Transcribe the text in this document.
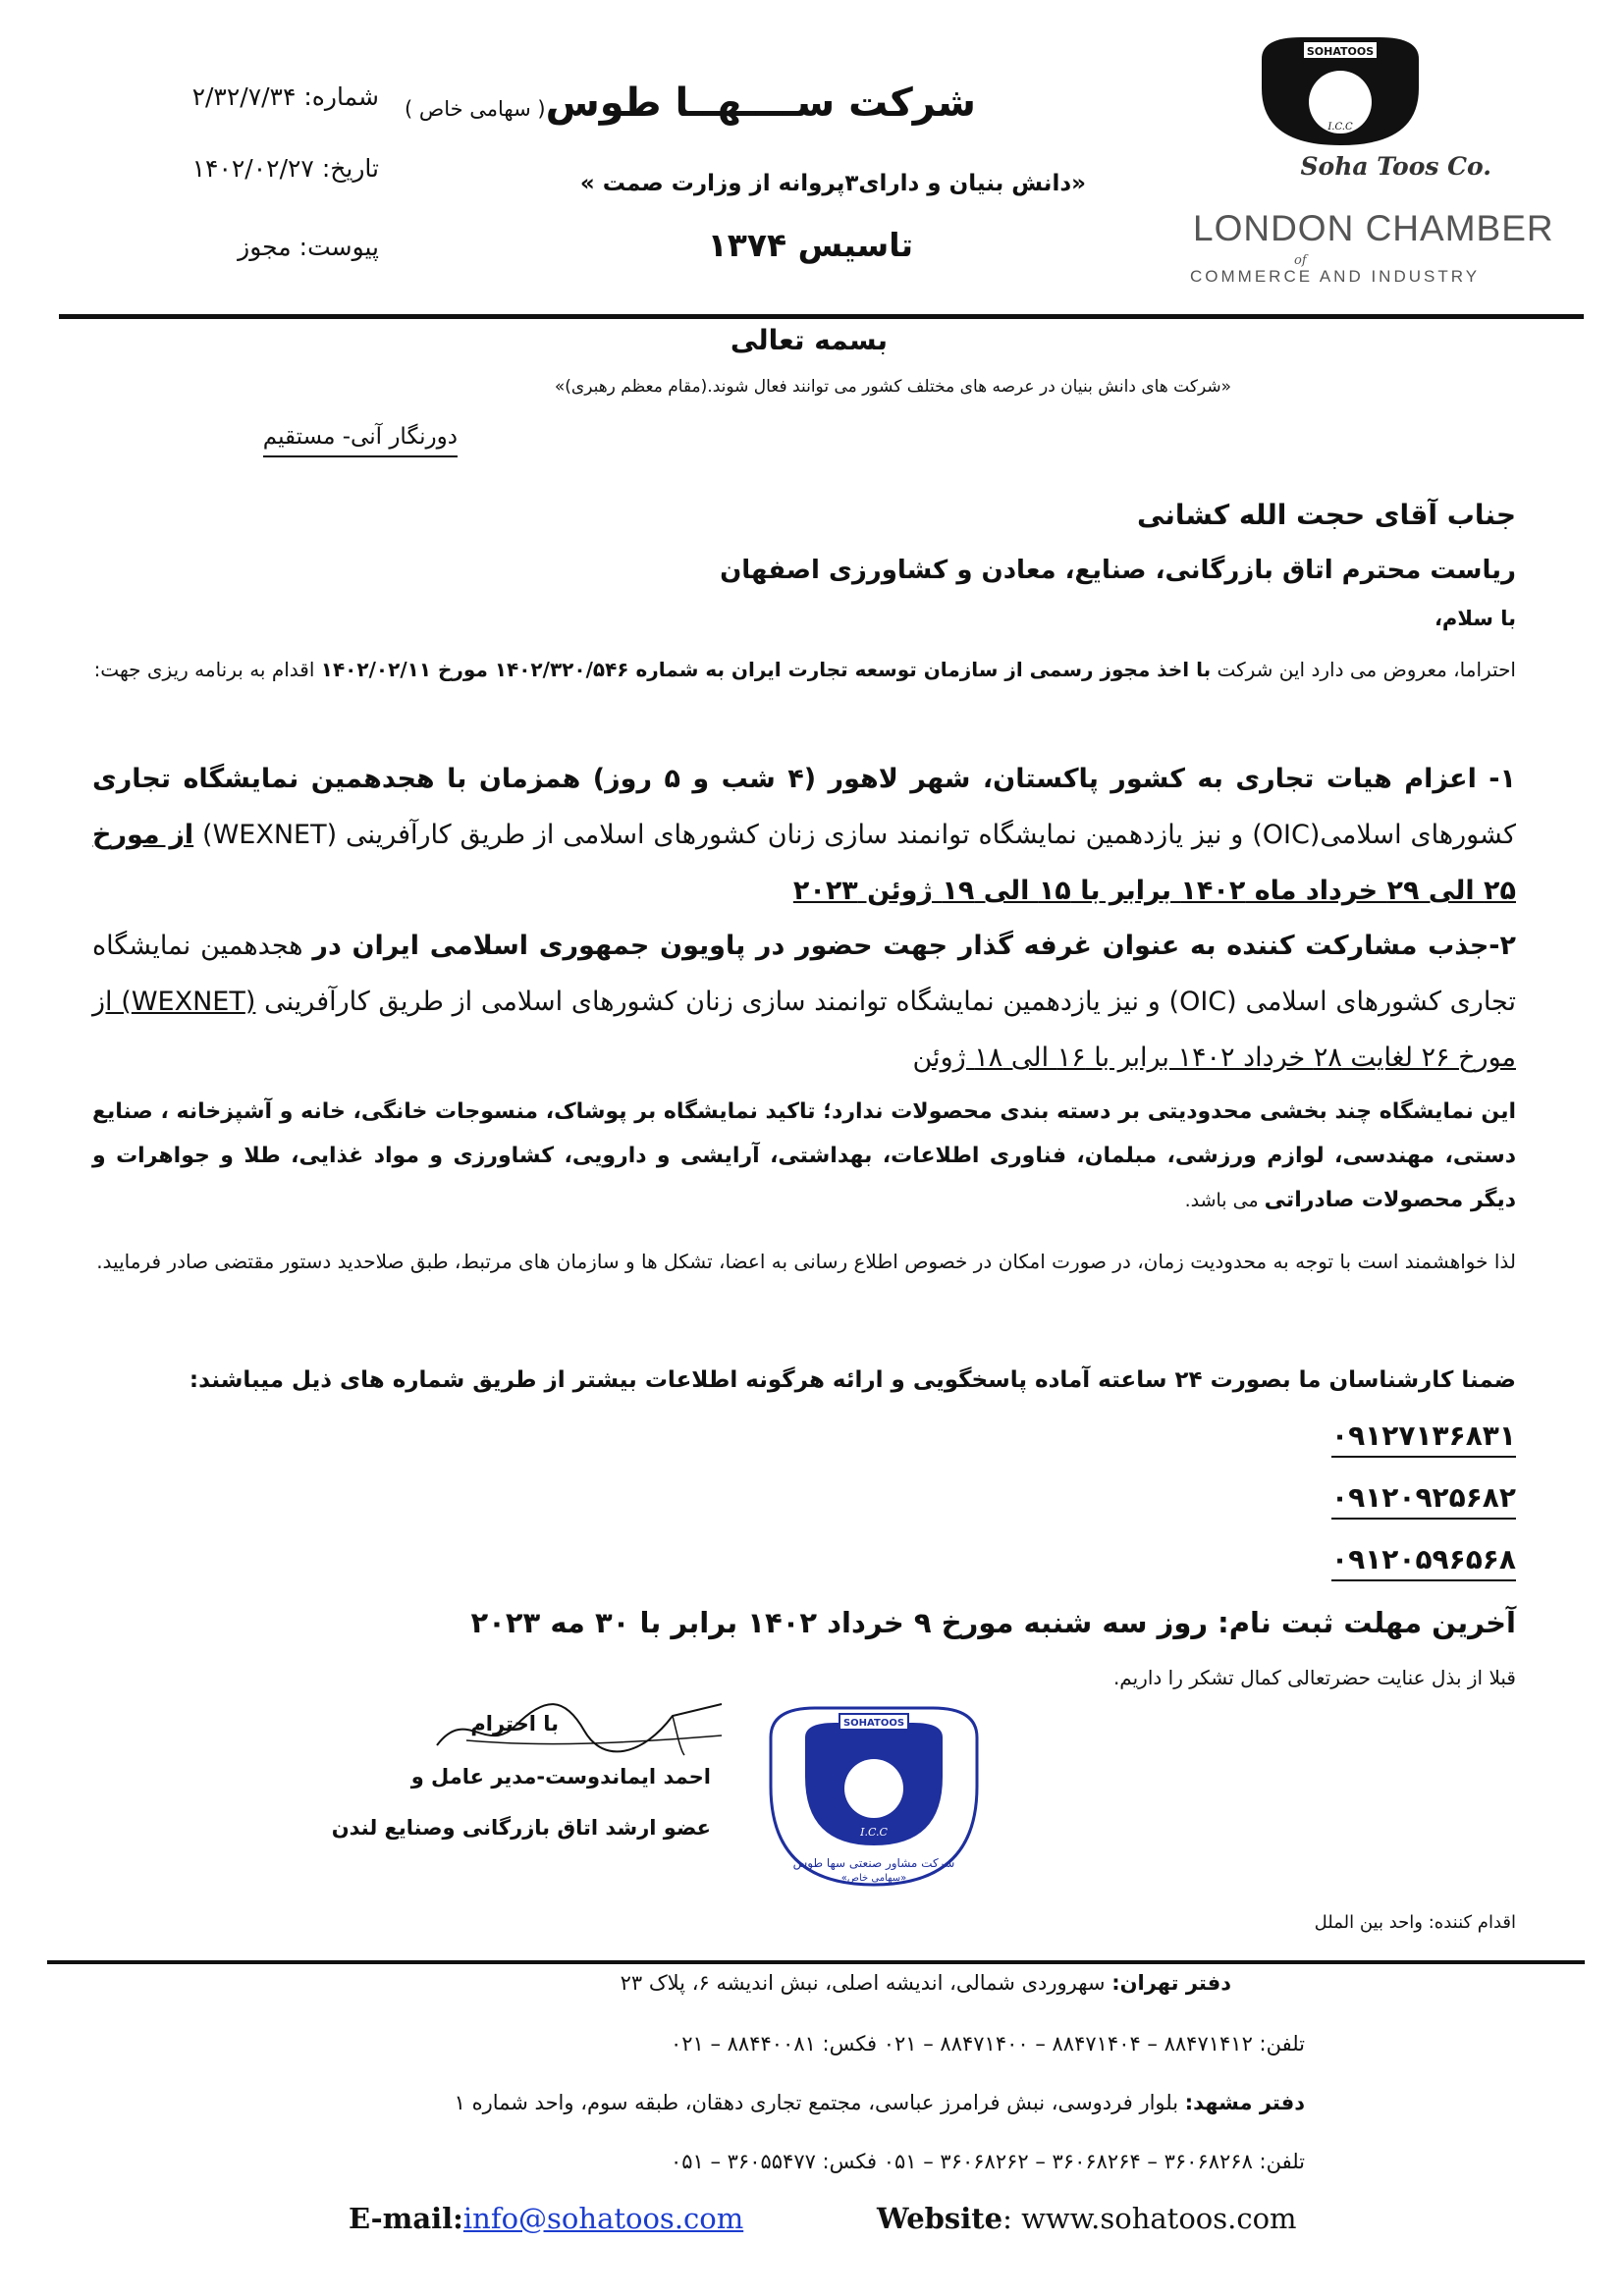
شرکت ســــهــا طوس( سهامی خاص )
«دانش بنیان و دارای۳پروانه از وزارت صمت »
تاسیس ۱۳۷۴
شماره: ۲/۳۲/۷/۳۴
تاریخ: ۱۴۰۲/۰۲/۲۷
پیوست: مجوز
SOHATOOS
I.C.C
Soha Toos Co.
LONDON CHAMBER
COMMERCE AND INDUSTRY
of
بسمه تعالی
«شرکت های دانش بنیان در عرصه های مختلف کشور می توانند فعال شوند.(مقام معظم رهبری)»
دورنگار آنی- مستقیم
جناب آقای حجت الله کشانی
ریاست محترم اتاق بازرگانی، صنایع، معادن و کشاورزی اصفهان
با سلام،
احتراما، معروض می دارد این شرکت با اخذ مجوز رسمی از سازمان توسعه تجارت ایران به شماره ۱۴۰۲/۳۲۰/۵۴۶ مورخ ۱۴۰۲/۰۲/۱۱ اقدام به برنامه ریزی جهت:
۱- اعزام هیات تجاری به کشور پاکستان، شهر لاهور (۴ شب و ۵ روز) همزمان با هجدهمین نمایشگاه تجاری کشورهای اسلامی(OIC) و نیز یازدهمین نمایشگاه توانمند سازی زنان کشورهای اسلامی از طریق کارآفرینی (WEXNET) از مورخ ۲۵ الی ۲۹ خرداد ماه ۱۴۰۲ برابر با ۱۵ الی ۱۹ ژوئن ۲۰۲۳
۲-جذب مشارکت کننده به عنوان غرفه گذار جهت حضور در پاویون جمهوری اسلامی ایران در هجدهمین نمایشگاه تجاری کشورهای اسلامی (OIC) و نیز یازدهمین نمایشگاه توانمند سازی زنان کشورهای اسلامی از طریق کارآفرینی (WEXNET) از مورخ ۲۶ لغایت ۲۸ خرداد ۱۴۰۲ برابر با ۱۶ الی ۱۸ ژوئن
این نمایشگاه چند بخشی محدودیتی بر دسته بندی محصولات ندارد؛ تاکید نمایشگاه بر پوشاک، منسوجات خانگی، خانه و آشپزخانه ، صنایع دستی، مهندسی، لوازم ورزشی، مبلمان، فناوری اطلاعات، بهداشتی، آرایشی و دارویی، کشاورزی و مواد غذایی، طلا و جواهرات و دیگر محصولات صادراتی می باشد.
لذا خواهشمند است با توجه به محدودیت زمان، در صورت امکان در خصوص اطلاع رسانی به اعضا، تشکل ها و سازمان های مرتبط، طبق صلاحدید دستور مقتضی صادر فرمایید.
ضمنا کارشناسان ما بصورت ۲۴ ساعته آماده پاسخگویی و ارائه هرگونه اطلاعات بیشتر از طریق شماره های ذیل میباشند:
۰۹۱۲۷۱۳۶۸۳۱
۰۹۱۲۰۹۲۵۶۸۲
۰۹۱۲۰۵۹۶۵۶۸
آخرین مهلت ثبت نام: روز سه شنبه مورخ ۹ خرداد ۱۴۰۲ برابر با ۳۰ مه ۲۰۲۳
قبلا از بذل عنایت حضرتعالی کمال تشکر را داریم.
با احترام
احمد ایماندوست-مدیر عامل و
عضو ارشد اتاق بازرگانی وصنایع لندن
SOHATOOS
I.C.C
شرکت مشاور صنعتی سها طوس
«سهامی خاص»
اقدام کننده: واحد بین الملل
دفتر تهران: سهروردی شمالی، اندیشه اصلی، نبش اندیشه ۶، پلاک ۲۳
تلفن: ۸۸۴۷۱۴۱۲ – ۸۸۴۷۱۴۰۴ – ۸۸۴۷۱۴۰۰ – ۰۲۱ فکس: ۸۸۴۴۰۰۸۱ – ۰۲۱
دفتر مشهد: بلوار فردوسی، نبش فرامرز عباسی، مجتمع تجاری دهقان، طبقه سوم، واحد شماره ۱
تلفن: ۳۶۰۶۸۲۶۸ – ۳۶۰۶۸۲۶۴ – ۳۶۰۶۸۲۶۲ – ۰۵۱ فکس: ۳۶۰۵۵۴۷۷ – ۰۵۱
E-mail:info@sohatoos.com	Website: www.sohatoos.com
